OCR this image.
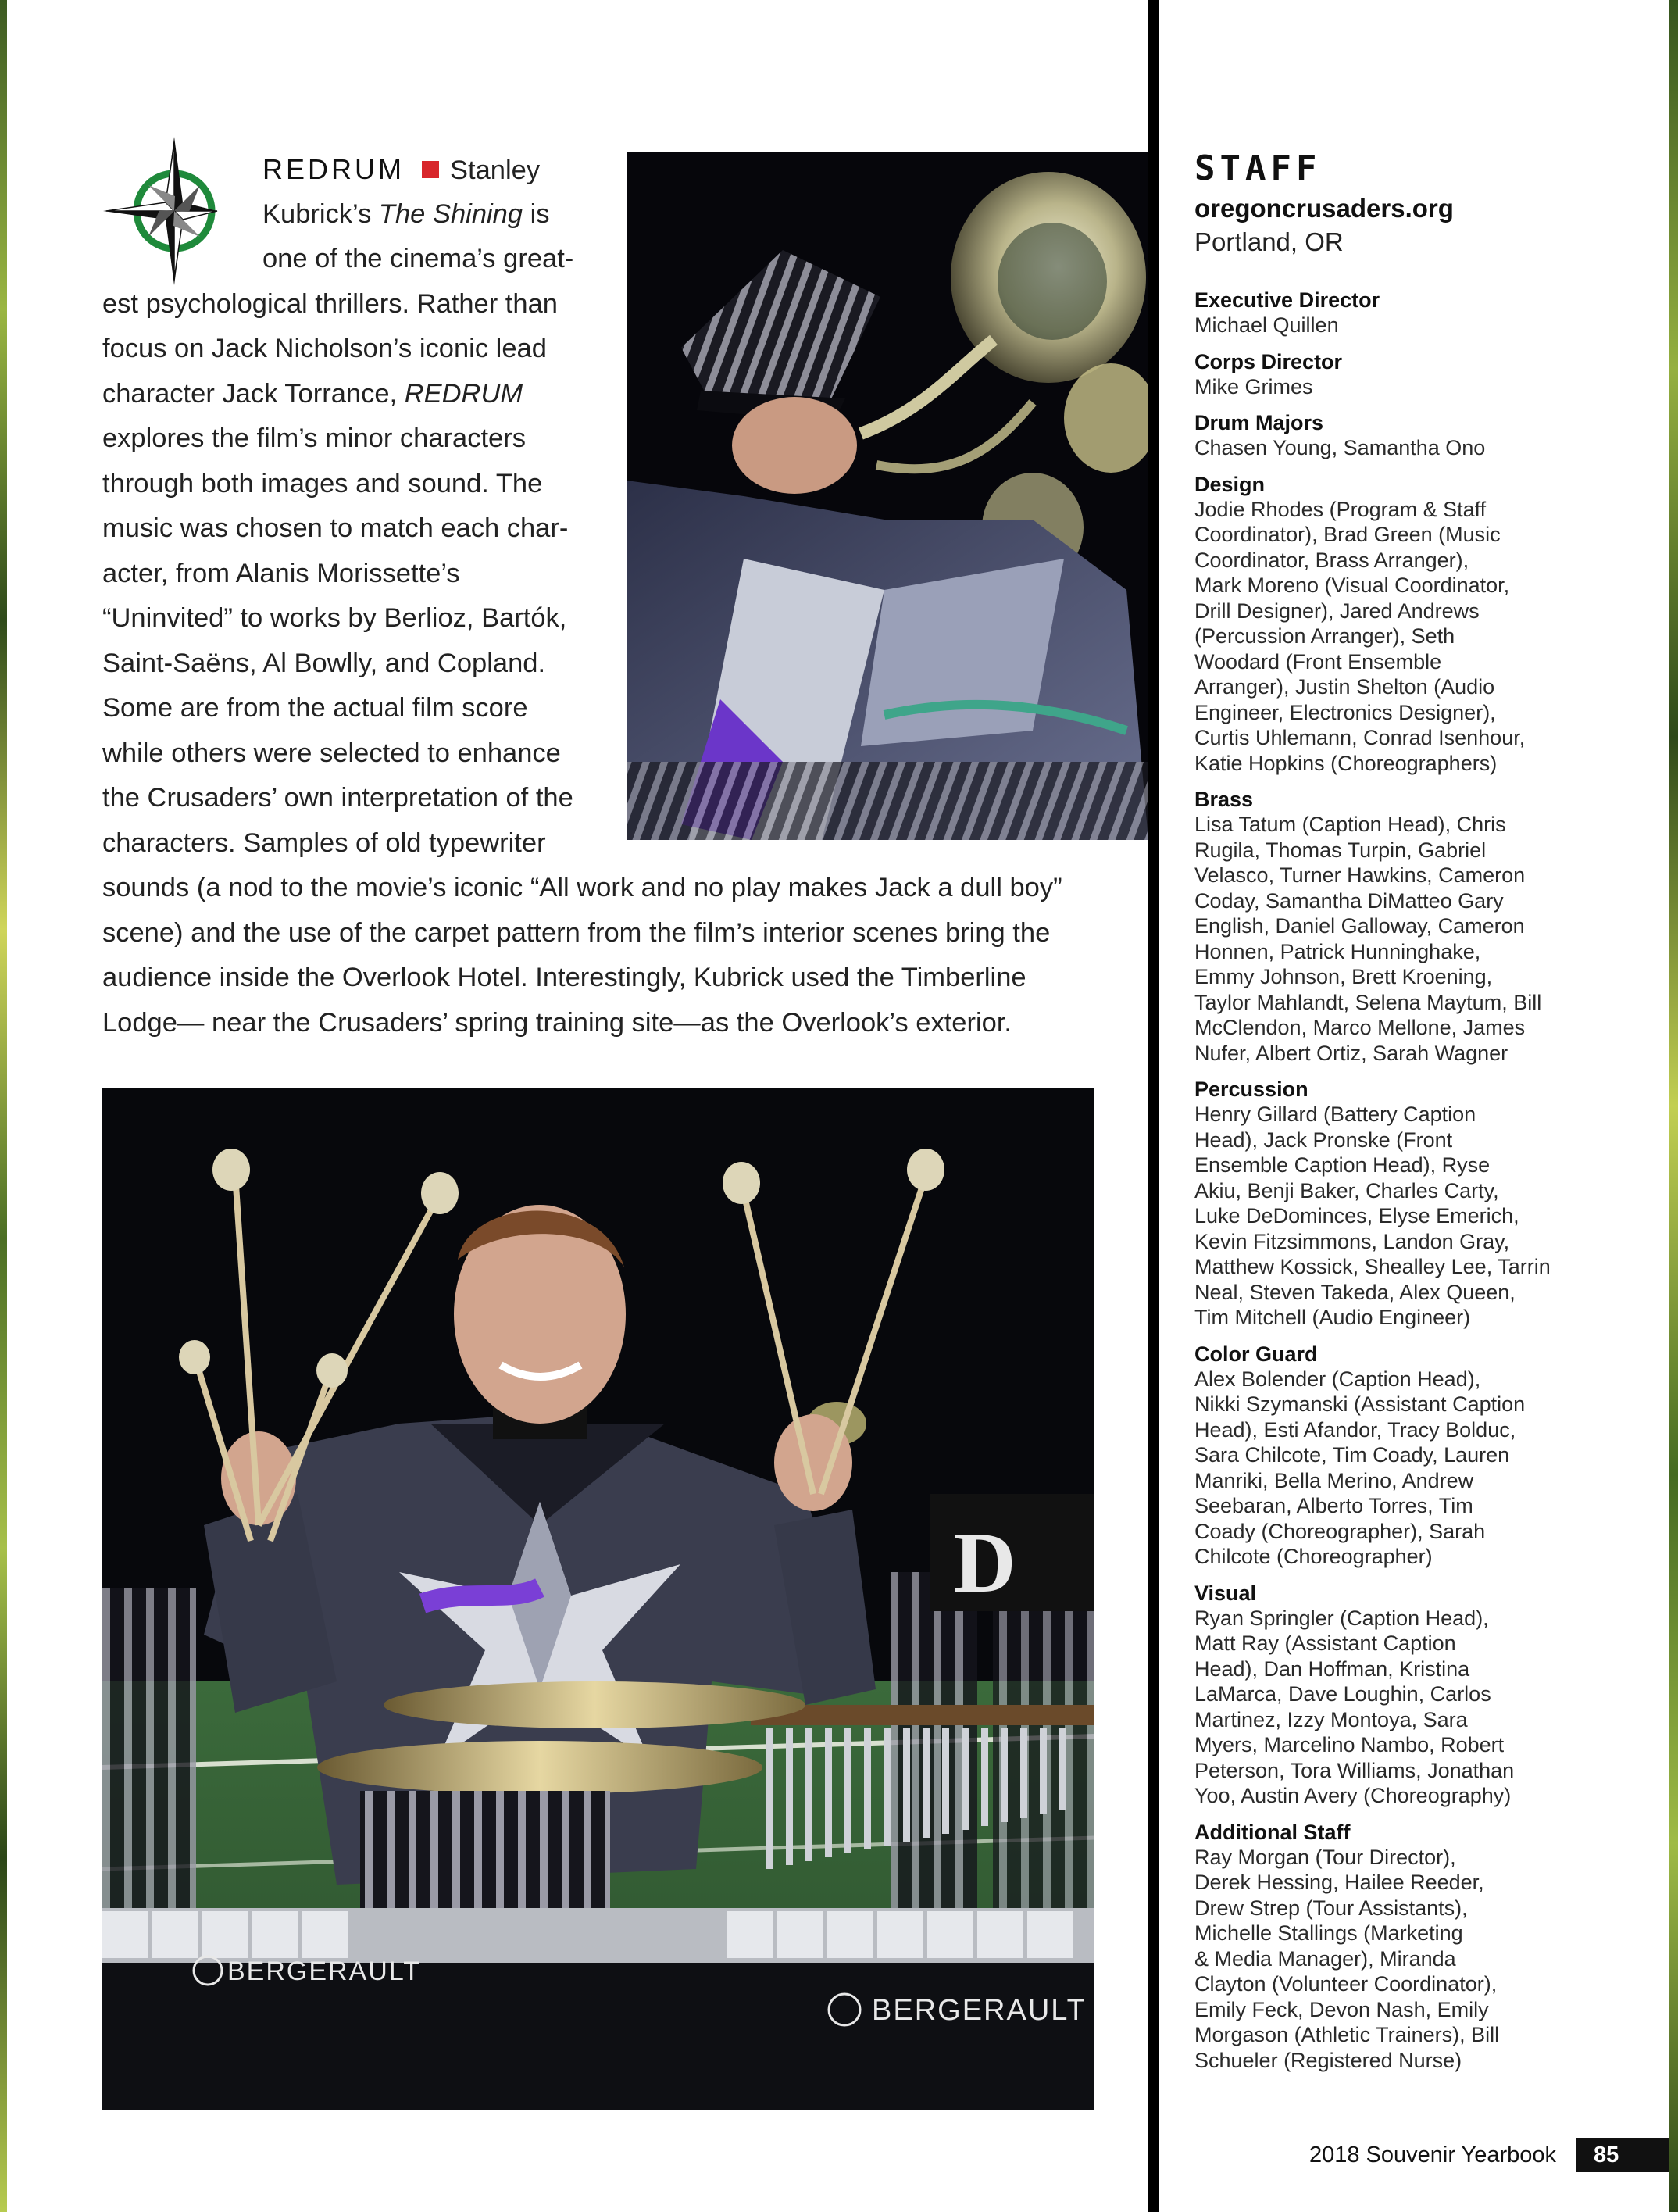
REDRUM Stanley
Kubrick’s The Shining is
one of the cinema’s great-
est psychological thrillers. Rather than
focus on Jack Nicholson’s iconic lead
character Jack Torrance, REDRUM
explores the film’s minor characters
through both images and sound. The
music was chosen to match each char-
acter, from Alanis Morissette’s
“Uninvited” to works by Berlioz, Bartók,
Saint-Saëns, Al Bowlly, and Copland.
Some are from the actual film score
while others were selected to enhance
the Crusaders’ own interpretation of the
characters. Samples of old typewriter
sounds (a nod to the movie’s iconic “All work and no play makes Jack a dull boy”
scene) and the use of the carpet pattern from the film’s interior scenes bring the
audience inside the Overlook Hotel. Interestingly, Kubrick used the Timberline
Lodge— near the Crusaders’ spring training site—as the Overlook’s exterior.
D
BERGERAULT
BERGERAULT
STAFF
oregoncrusaders.org
Portland, OR
Executive Director
Michael Quillen
Corps Director
Mike Grimes
Drum Majors
Chasen Young, Samantha Ono
Design
Jodie Rhodes (Program & Staff
Coordinator), Brad Green (Music
Coordinator, Brass Arranger),
Mark Moreno (Visual Coordinator,
Drill Designer), Jared Andrews
(Percussion Arranger), Seth
Woodard (Front Ensemble
Arranger), Justin Shelton (Audio
Engineer, Electronics Designer),
Curtis Uhlemann, Conrad Isenhour,
Katie Hopkins (Choreographers)
Brass
Lisa Tatum (Caption Head), Chris
Rugila, Thomas Turpin, Gabriel
Velasco, Turner Hawkins, Cameron
Coday, Samantha DiMatteo Gary
English, Daniel Galloway, Cameron
Honnen, Patrick Hunninghake,
Emmy Johnson, Brett Kroening,
Taylor Mahlandt, Selena Maytum, Bill
McClendon, Marco Mellone, James
Nufer, Albert Ortiz, Sarah Wagner
Percussion
Henry Gillard (Battery Caption
Head), Jack Pronske (Front
Ensemble Caption Head), Ryse
Akiu, Benji Baker, Charles Carty,
Luke DeDominces, Elyse Emerich,
Kevin Fitzsimmons, Landon Gray,
Matthew Kossick, Shealley Lee, Tarrin
Neal, Steven Takeda, Alex Queen,
Tim Mitchell (Audio Engineer)
Color Guard
Alex Bolender (Caption Head),
Nikki Szymanski (Assistant Caption
Head), Esti Afandor, Tracy Bolduc,
Sara Chilcote, Tim Coady, Lauren
Manriki, Bella Merino, Andrew
Seebaran, Alberto Torres, Tim
Coady (Choreographer), Sarah
Chilcote (Choreographer)
Visual
Ryan Springler (Caption Head),
Matt Ray (Assistant Caption
Head), Dan Hoffman, Kristina
LaMarca, Dave Loughin, Carlos
Martinez, Izzy Montoya, Sara
Myers, Marcelino Nambo, Robert
Peterson, Tora Williams, Jonathan
Yoo, Austin Avery (Choreography)
Additional Staff
Ray Morgan (Tour Director),
Derek Hessing, Hailee Reeder,
Drew Strep (Tour Assistants),
Michelle Stallings (Marketing
& Media Manager), Miranda
Clayton (Volunteer Coordinator),
Emily Feck, Devon Nash, Emily
Morgason (Athletic Trainers), Bill
Schueler (Registered Nurse)
2018 Souvenir Yearbook	85
